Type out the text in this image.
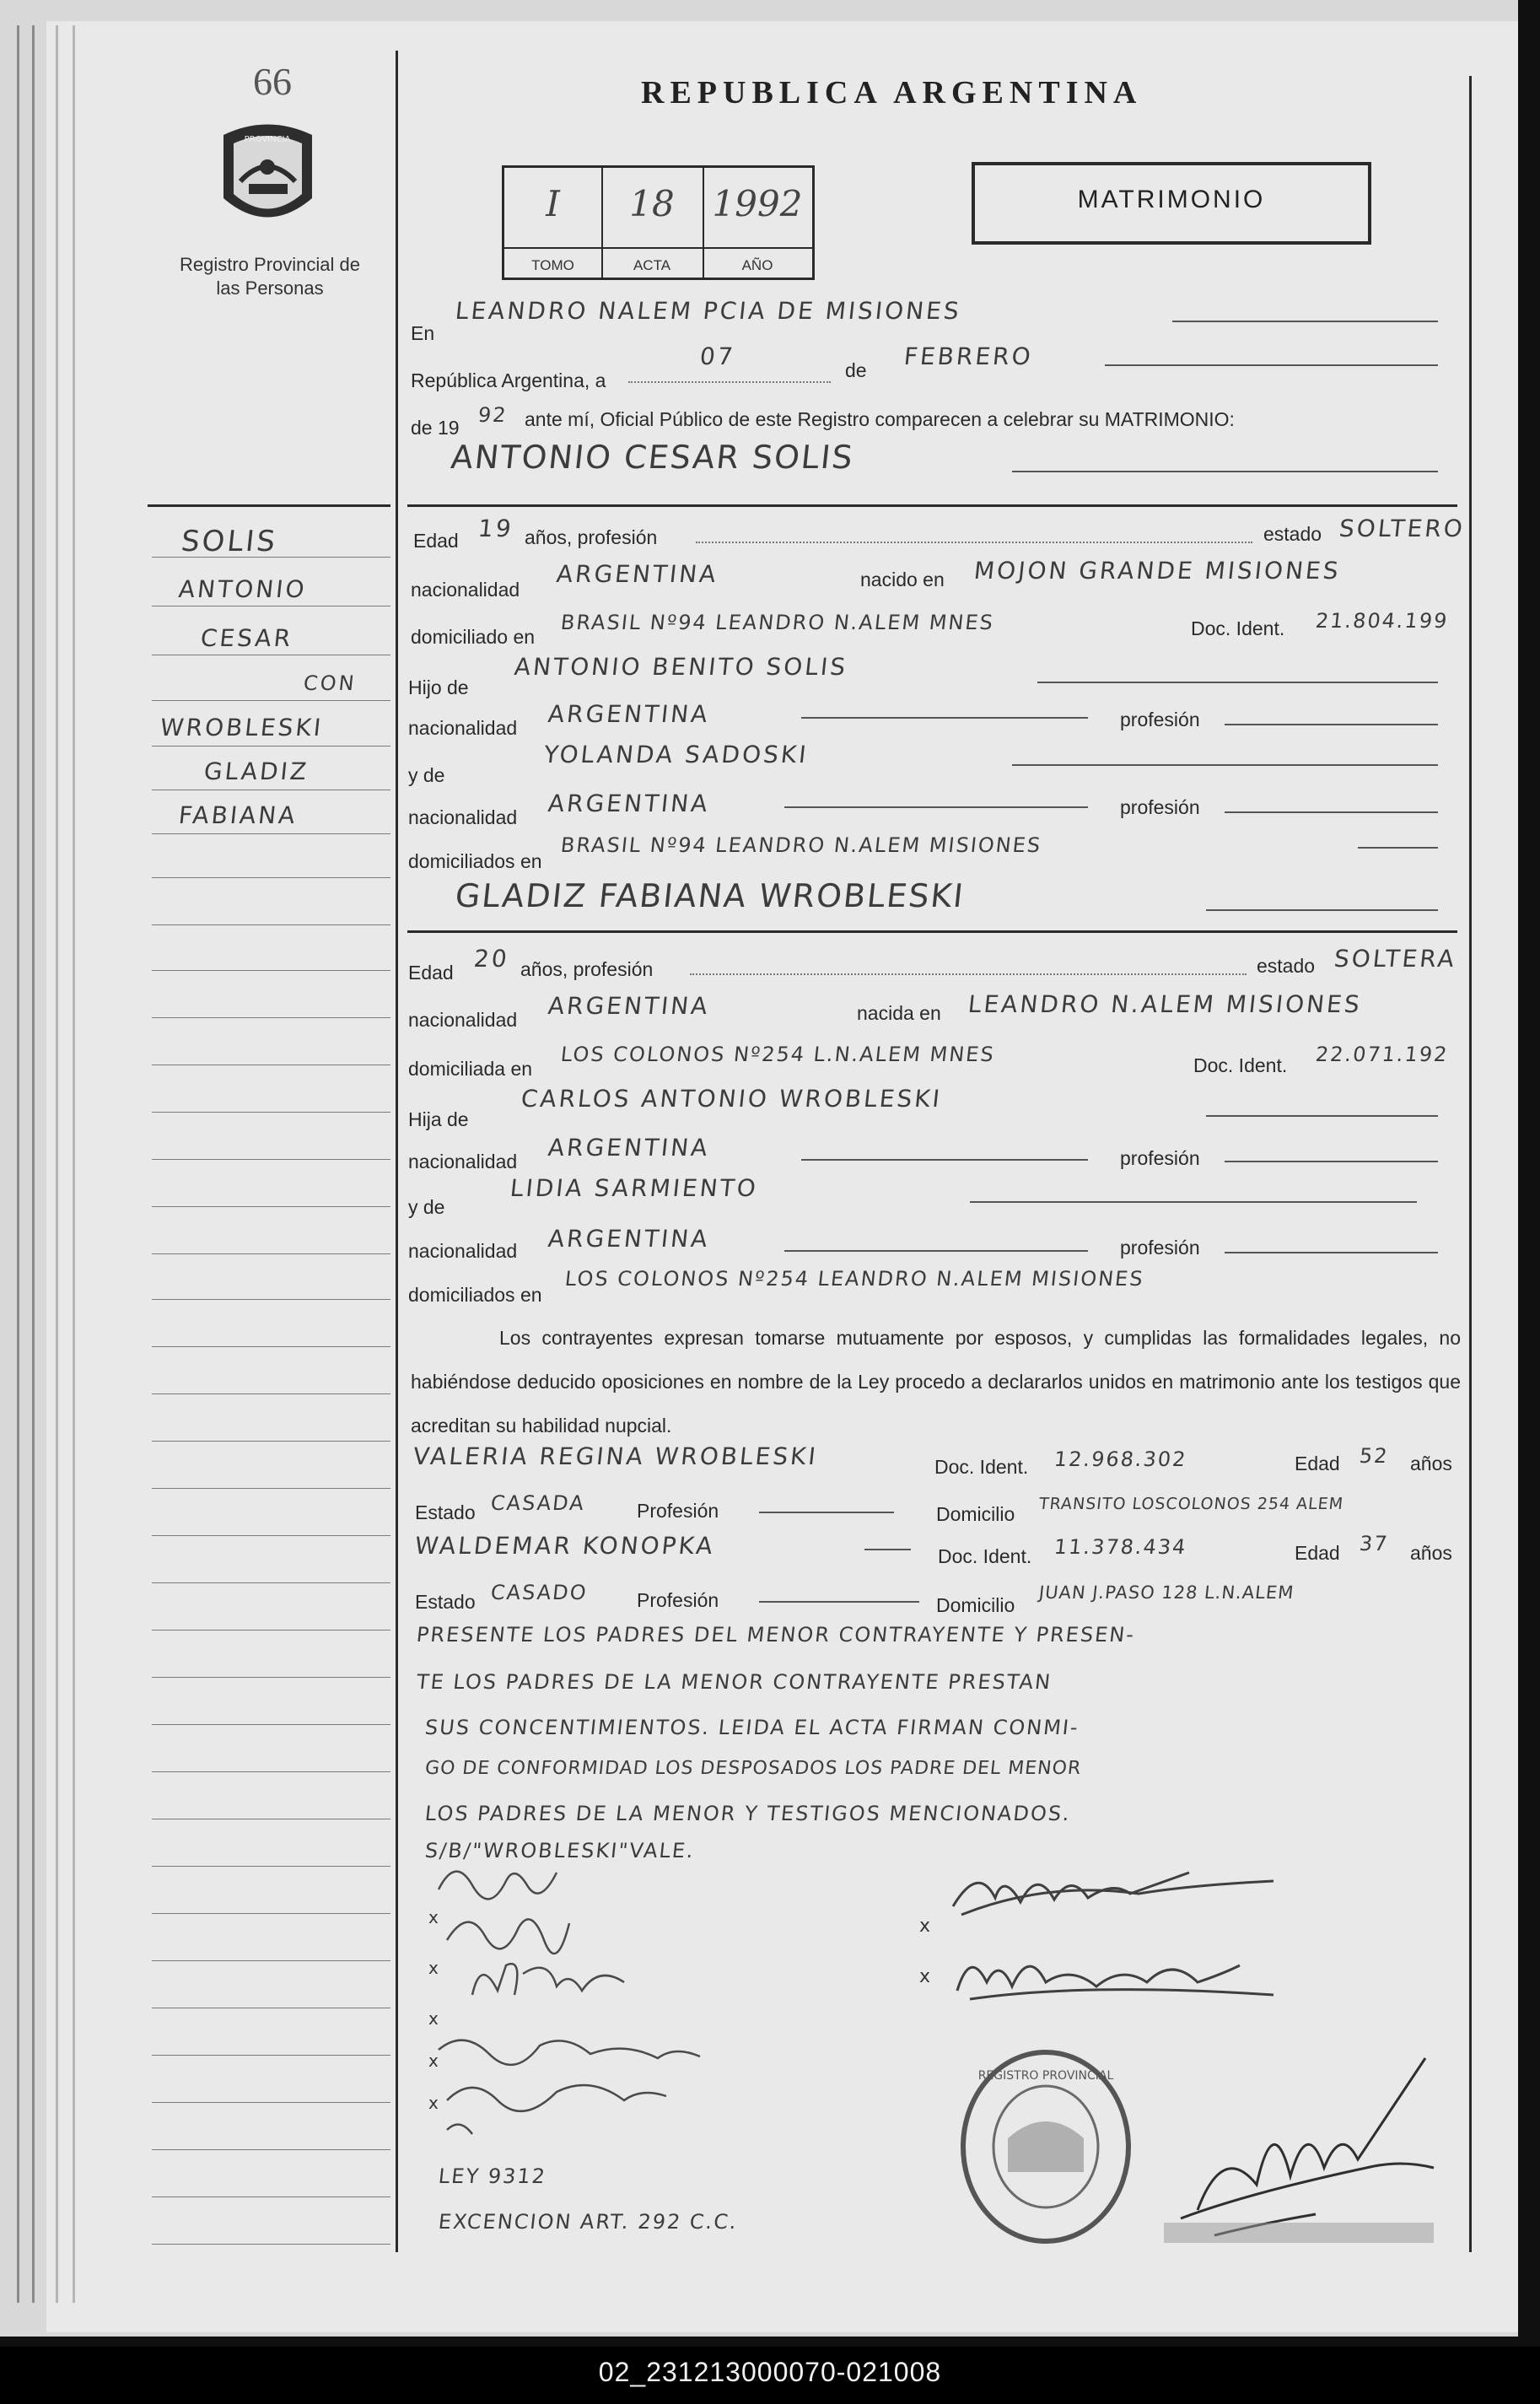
66
PROVINCIA
Registro Provincial de las Personas
REPUBLICA ARGENTINA
I
TOMO
18
ACTA
1992
AÑO
MATRIMONIO
En
LEANDRO NALEM PCIA DE MISIONES
República Argentina, a
07	de FEBRERO
de 19
92 ante mí, Oficial Público de este Registro comparecen a celebrar su MATRIMONIO:
ANTONIO CESAR SOLIS
Edad 19 años, profesión	estado SOLTERO
nacionalidad
ARGENTINA	nacido en MOJON GRANDE MISIONES
domiciliado en
BRASIL Nº94 LEANDRO N.ALEM MNES	Doc. Ident. 21.804.199
Hijo de
ANTONIO BENITO SOLIS
nacionalidad ARGENTINA	profesión
y de
YOLANDA SADOSKI
nacionalidad ARGENTINA	profesión
domiciliados en
BRASIL Nº94 LEANDRO N.ALEM MISIONES
GLADIZ FABIANA WROBLESKI
Edad 20 años, profesión	estado SOLTERA
nacionalidad ARGENTINA	nacida en LEANDRO N.ALEM MISIONES
domiciliada en
LOS COLONOS Nº254 L.N.ALEM MNES	Doc. Ident. 22.071.192
Hija de
CARLOS ANTONIO WROBLESKI
nacionalidad ARGENTINA	profesión
y de
LIDIA SARMIENTO
nacionalidad ARGENTINA	profesión
domiciliados en
LOS COLONOS Nº254 LEANDRO N.ALEM MISIONES
Los contrayentes expresan tomarse mutuamente por esposos, y cumplidas las formalidades legales, no habiéndose deducido oposiciones en nombre de la Ley procedo a declararlos unidos en matrimonio ante los testigos que acreditan su habilidad nupcial.
VALERIA REGINA WROBLESKI	Doc. Ident. 12.968.302	Edad 52 años
Estado CASADA	Profesión	Domicilio TRANSITO LOSCOLONOS 254 ALEM
WALDEMAR KONOPKA	Doc. Ident. 11.378.434	Edad 37 años
Estado CASADO Profesión	Domicilio
JUAN J.PASO 128 L.N.ALEM
PRESENTE LOS PADRES DEL MENOR CONTRAYENTE Y PRESEN-
TE LOS PADRES DE LA MENOR CONTRAYENTE PRESTAN
SUS CONCENTIMIENTOS. LEIDA EL ACTA FIRMAN CONMI-
GO DE CONFORMIDAD LOS DESPOSADOS LOS PADRE DEL MENOR
LOS PADRES DE LA MENOR Y TESTIGOS MENCIONADOS.
S/B/"WROBLESKI"VALE.
SOLIS
ANTONIO
CESAR
CON
WROBLESKI
GLADIZ
FABIANA
x
x
x
x
x
LEY 9312
EXCENCION ART. 292 C.C.
x
x
REGISTRO PROVINCIAL
02_231213000070-021008
